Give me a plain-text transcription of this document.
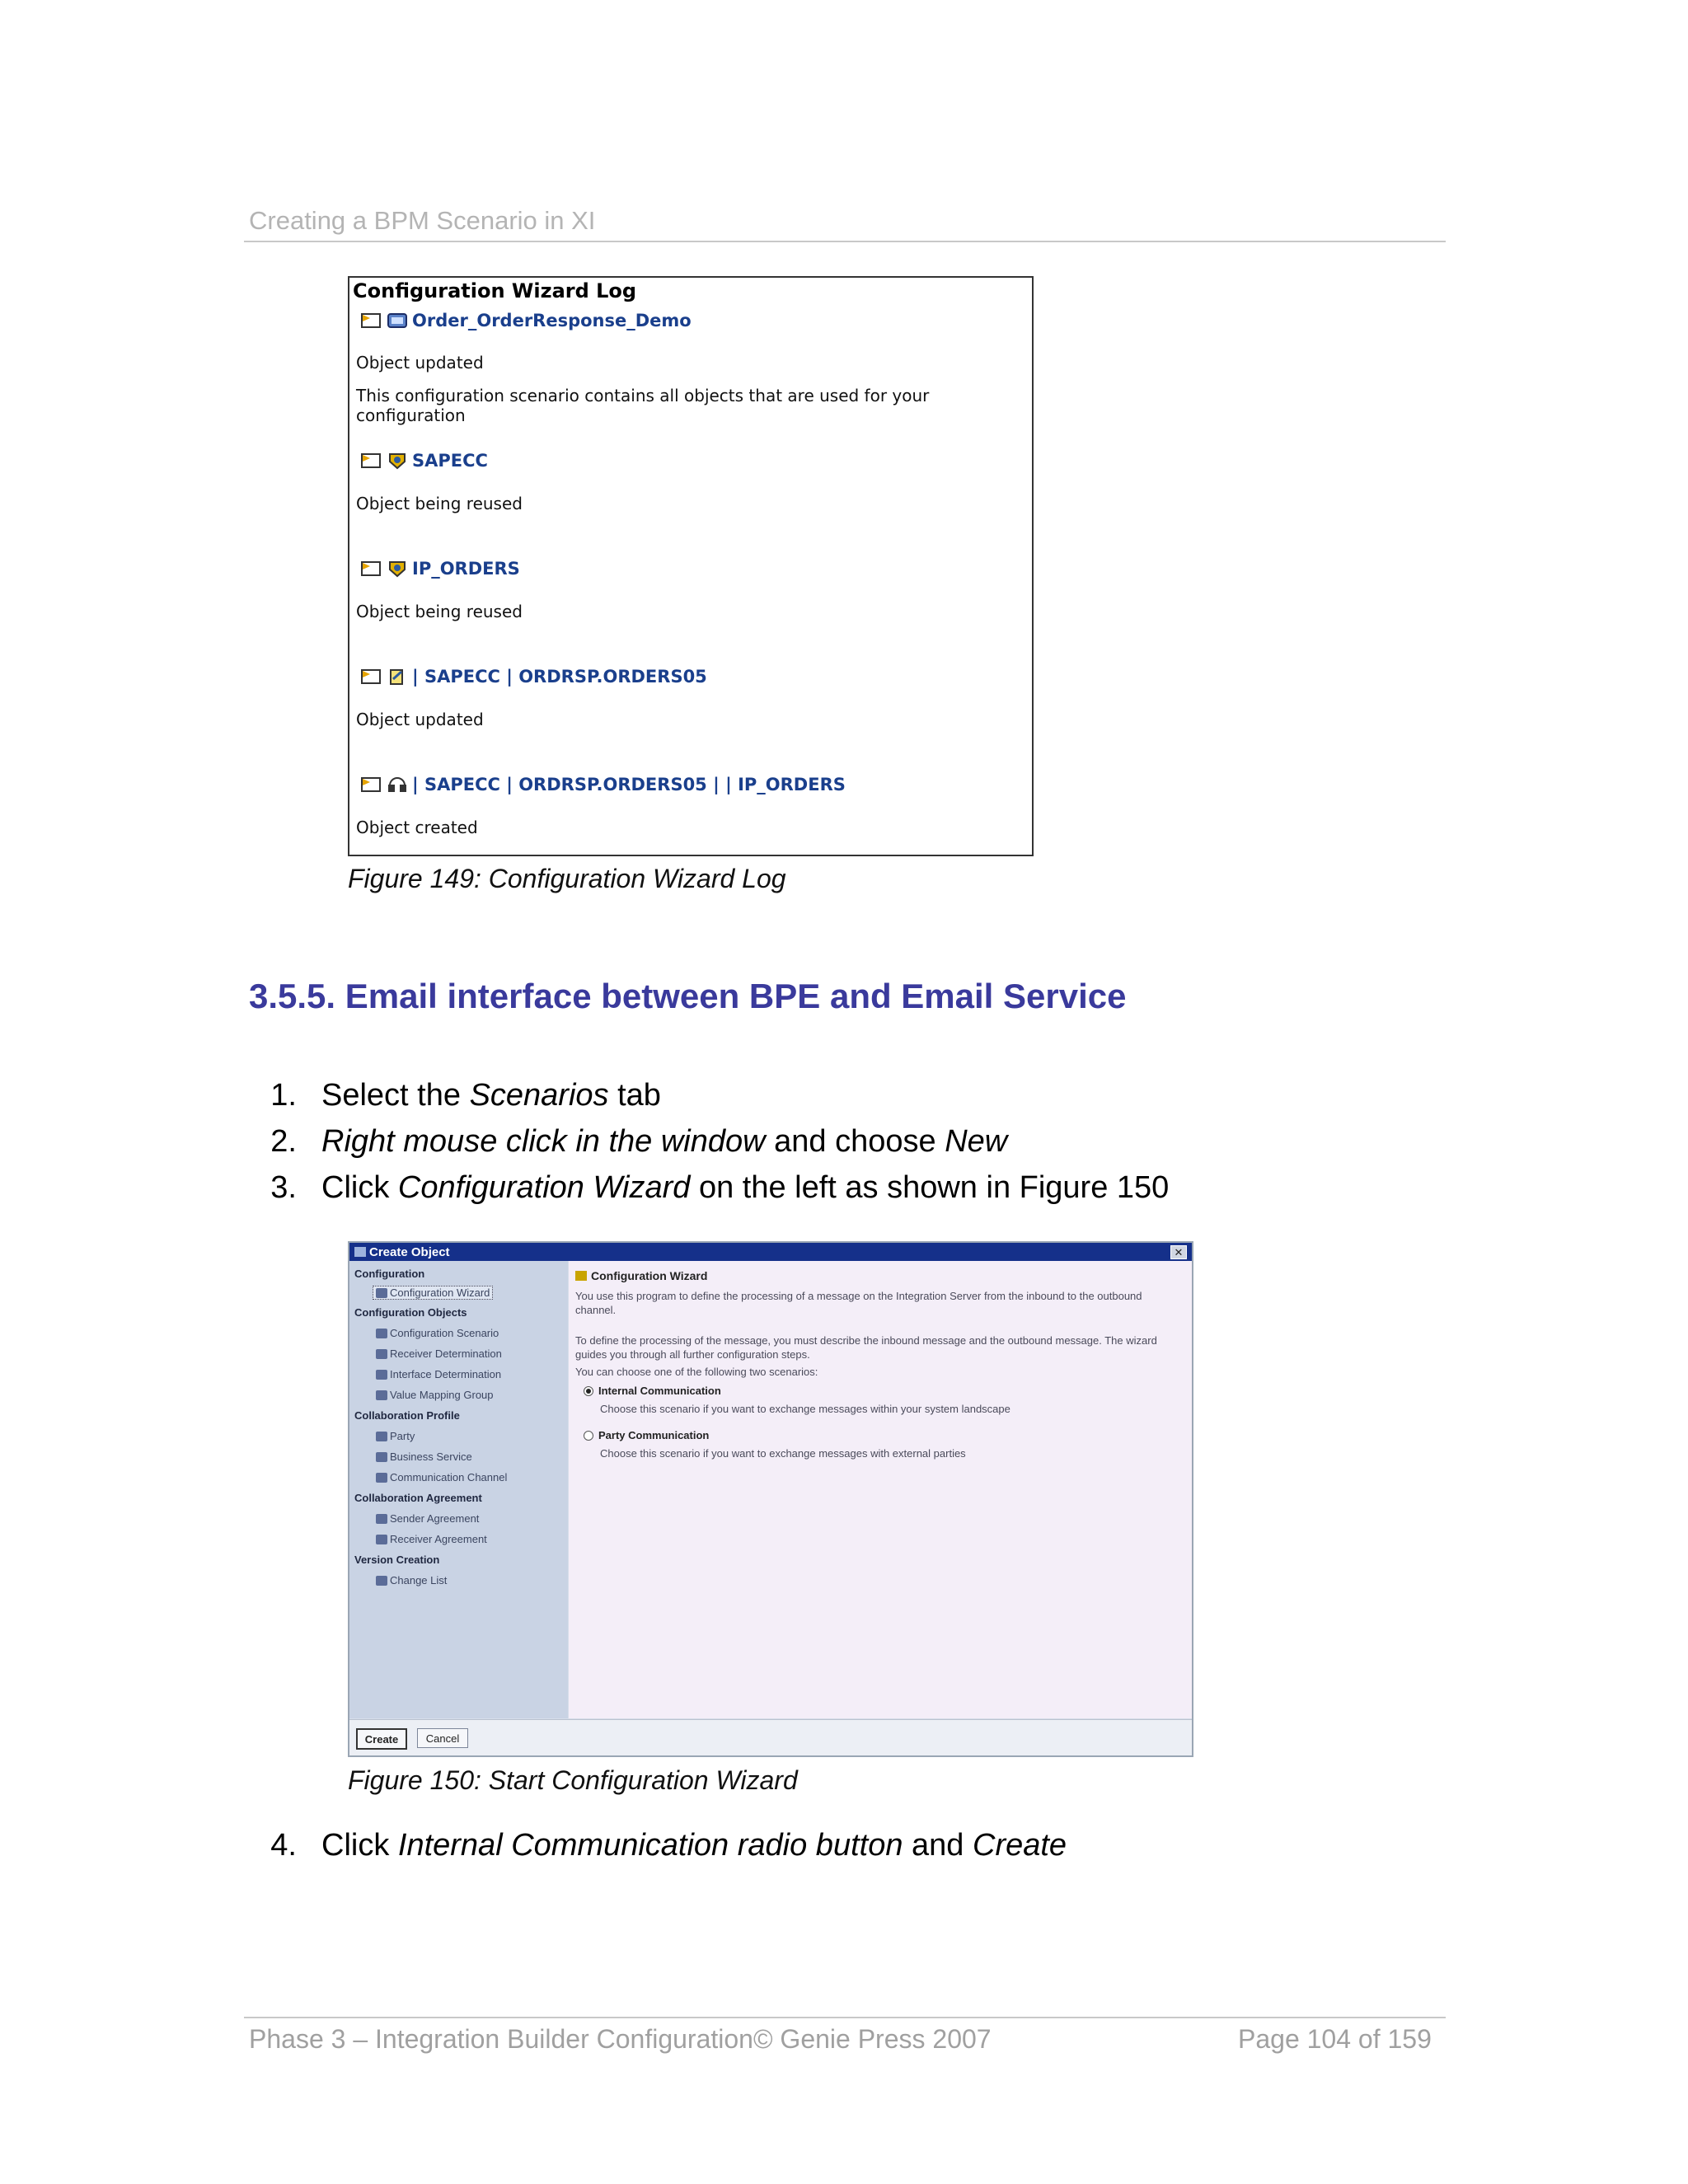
Creating a BPM Scenario in XI
Configuration Wizard Log
Order_OrderResponse_Demo
Object updated
This configuration scenario contains all objects that are used for your configuration
SAPECC
Object being reused
IP_ORDERS
Object being reused
| SAPECC | ORDRSP.ORDERS05
Object updated
| SAPECC | ORDRSP.ORDERS05 | | IP_ORDERS
Object created
Figure 149: Configuration Wizard Log
3.5.5. Email interface between BPE and Email Service
1. Select the Scenarios tab
2. Right mouse click in the window and choose New
3. Click Configuration Wizard on the left as shown in Figure 150
Create Object	✕
Configuration
Configuration Wizard
Configuration Objects
Configuration Scenario
Receiver Determination
Interface Determination
Value Mapping Group
Collaboration Profile
Party
Business Service
Communication Channel
Collaboration Agreement
Sender Agreement
Receiver Agreement
Version Creation
Change List
Configuration Wizard
You use this program to define the processing of a message on the Integration Server from the inbound to the outbound channel.
To define the processing of the message, you must describe the inbound message and the outbound message. The wizard guides you through all further configuration steps.
You can choose one of the following two scenarios:
Internal Communication
Choose this scenario if you want to exchange messages within your system landscape
Party Communication
Choose this scenario if you want to exchange messages with external parties
Create	Cancel
Figure 150: Start Configuration Wizard
4. Click Internal Communication radio button and Create
Phase 3 – Integration Builder Configuration© Genie Press 2007	Page 104 of 159
